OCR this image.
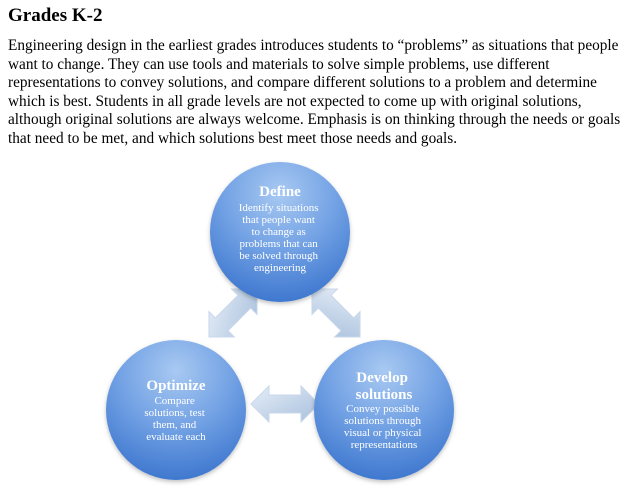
Grades K-2

Engineering design in the earliest grades introduces students to “problems” as situations that people want to change. They can use tools and materials to solve simple problems, use different representations to convey solutions, and compare different solutions to a problem and determine which is best. Students in all grade levels are not expected to come up with original solutions, although original solutions are always welcome. Emphasis is on thinking through the needs or goals that need to be met, and which solutions best meet those needs and goals.

Define
Identify situations that people want to change as problems that can be solved through engineering
Optimize
Compare solutions, test them, and evaluate each
Develop solutions
Convey possible solutions through visual or physical representations
